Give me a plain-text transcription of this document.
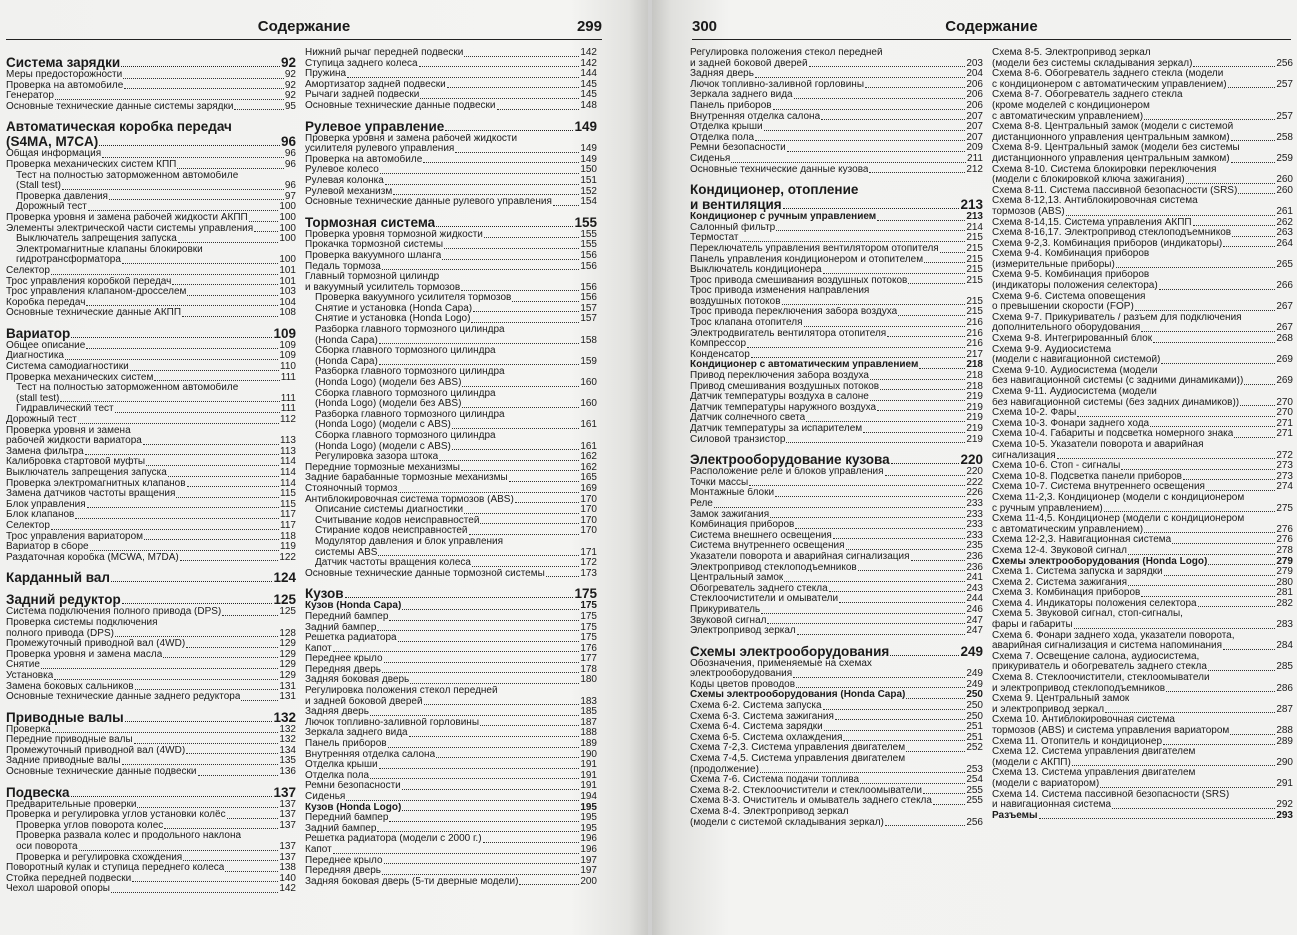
Содержание	299
Система зарядки	92
Меры предосторожности	92
Проверка на автомобиле	92
Генератор	92
Основные технические данные системы зарядки	95
Автоматическая коробка передач
(S4MA, M7CA)	96
Общая информация	96
Проверка механических систем КПП	96
Тест на полностью заторможенном автомобиле
(Stall test)	96
Проверка давления	97
Дорожный тест	100
Проверка уровня и замена рабочей жидкости АКПП	100
Элементы электрической части системы управления	100
Выключатель запрещения запуска	100
Электромагнитные клапаны блокировки
гидротрансформатора	100
Селектор	101
Трос управления коробкой передач	101
Трос управления клапаном-дросселем	103
Коробка передач	104
Основные технические данные АКПП	108
Вариатор	109
Общее описание	109
Диагностика	109
Система самодиагностики	110
Проверка механических систем	111
Тест на полностью заторможенном автомобиле
(stall test)	111
Гидравлический тест	111
Дорожный тест	112
Проверка уровня и замена
рабочей жидкости вариатора	113
Замена фильтра	113
Калибровка стартовой муфты	114
Выключатель запрещения запуска	114
Проверка электромагнитных клапанов	114
Замена датчиков частоты вращения	115
Блок управления	115
Блок клапанов	117
Селектор	117
Трос управления вариатором	118
Вариатор в сборе	119
Раздаточная коробка (MCWA, M7DA)	122
Карданный вал	124
Задний редуктор	125
Система подключения полного привода (DPS)	125
Проверка системы подключения
полного привода (DPS)	128
Промежуточный приводной вал (4WD)	129
Проверка уровня и замена масла	129
Снятие	129
Установка	129
Замена боковых сальников	131
Основные технические данные заднего редуктора	131
Приводные валы	132
Проверка	132
Передние приводные валы	132
Промежуточный приводной вал (4WD)	134
Задние приводные валы	135
Основные технические данные подвески	136
Подвеска	137
Предварительные проверки	137
Проверка и регулировка углов установки колёс	137
Проверка углов поворота колес	137
Проверка развала колес и продольного наклона
оси поворота	137
Проверка и регулировка схождения	137
Поворотный кулак и ступица переднего колеса	138
Стойка передней подвески	140
Чехол шаровой опоры	142
Нижний рычаг передней подвески	142
Ступица заднего колеса	142
Пружина	144
Амортизатор задней подвески	145
Рычаги задней подвески	145
Основные технические данные подвески	148
Рулевое управление	149
Проверка уровня и замена рабочей жидкости
усилителя рулевого управления	149
Проверка на автомобиле	149
Рулевое колесо	150
Рулевая колонка	151
Рулевой механизм	152
Основные технические данные рулевого управления	154
Тормозная система	155
Проверка уровня тормозной жидкости	155
Прокачка тормозной системы	155
Проверка вакуумного шланга	156
Педаль тормоза	156
Главный тормозной цилиндр
и вакуумный усилитель тормозов	156
Проверка вакуумного усилителя тормозов	156
Снятие и установка (Honda Capa)	157
Снятие и установка (Honda Logo)	157
Разборка главного тормозного цилиндра
(Honda Capa)	158
Сборка главного тормозного цилиндра
(Honda Capa)	159
Разборка главного тормозного цилиндра
(Honda Logo) (модели без ABS)	160
Сборка главного тормозного цилиндра
(Honda Logo) (модели без ABS)	160
Разборка главного тормозного цилиндра
(Honda Logo) (модели с ABS)	161
Сборка главного тормозного цилиндра
(Honda Logo) (модели с ABS)	161
Регулировка зазора штока	162
Передние тормозные механизмы	162
Задние барабанные тормозные механизмы	165
Стояночный тормоз	169
Антиблокировочная система тормозов (ABS)	170
Описание системы диагностики	170
Считывание кодов неисправностей	170
Стирание кодов неисправностей	170
Модулятор давления и блок управления
системы ABS	171
Датчик частоты вращения колеса	172
Основные технические данные тормозной системы	173
Кузов	175
Кузов (Honda Capa)	175
Передний бампер	175
Задний бампер	175
Решетка радиатора	175
Капот	176
Переднее крыло	177
Передняя дверь	178
Задняя боковая дверь	180
Регулировка положения стекол передней
и задней боковой дверей	183
Задняя дверь	185
Лючок топливно-заливной горловины	187
Зеркала заднего вида	188
Панель приборов	189
Внутренняя отделка салона	190
Отделка крыши	191
Отделка пола	191
Ремни безопасности	191
Сиденья	194
Кузов (Honda Logo)	195
Передний бампер	195
Задний бампер	195
Решетка радиатора (модели с 2000 г.)	196
Капот	196
Переднее крыло	197
Передняя дверь	197
Задняя боковая дверь (5-ти дверные модели)	200
300	Содержание
Регулировка положения стекол передней
и задней боковой дверей	203
Задняя дверь	204
Лючок топливно-заливной горловины	206
Зеркала заднего вида	206
Панель приборов	206
Внутренняя отделка салона	207
Отделка крыши	207
Отделка пола	207
Ремни безопасности	209
Сиденья	211
Основные технические данные кузова	212
Кондиционер, отопление
и вентиляция	213
Кондиционер с ручным управлением	213
Салонный фильтр	214
Термостат	215
Переключатель управления вентилятором отопителя	215
Панель управления кондиционером и отопителем	215
Выключатель кондиционера	215
Трос привода смешивания воздушных потоков	215
Трос привода изменения направления
воздушных потоков	215
Трос привода переключения забора воздуха	215
Трос клапана отопителя	216
Электродвигатель вентилятора отопителя	216
Компрессор	216
Конденсатор	217
Кондиционер с автоматическим управлением	218
Привод переключения забора воздуха	218
Привод смешивания воздушных потоков	218
Датчик температуры воздуха в салоне	219
Датчик температуры наружного воздуха	219
Датчик солнечного света	219
Датчик температуры за испарителем	219
Силовой транзистор	219
Электрооборудование кузова	220
Расположение реле и блоков управления	220
Точки массы	222
Монтажные блоки	226
Реле	233
Замок зажигания	233
Комбинация приборов	233
Система внешнего освещения	233
Система внутреннего освещения	235
Указатели поворота и аварийная сигнализация	236
Электропривод стеклоподъемников	236
Центральный замок	241
Обогреватель заднего стекла	243
Стеклоочистители и омыватели	244
Прикуриватель	246
Звуковой сигнал	247
Электропривод зеркал	247
Схемы электрооборудования	249
Обозначения, применяемые на схемах
электрооборудования	249
Коды цветов проводов	249
Схемы электрооборудования (Honda Capa)	250
Схема 6-2. Система запуска	250
Схема 6-3. Система зажигания	250
Схема 6-4. Система зарядки	251
Схема 6-5. Система охлаждения	251
Схема 7-2,3. Система управления двигателем	252
Схема 7-4,5. Система управления двигателем
(продолжение)	253
Схема 7-6. Система подачи топлива	254
Схема 8-2. Стеклоочистители и стеклоомыватели	255
Схема 8-3. Очиститель и омыватель заднего стекла	255
Схема 8-4. Электропривод зеркал
(модели с системой складывания зеркал)	256
Схема 8-5. Электропривод зеркал
(модели без системы складывания зеркал)	256
Схема 8-6. Обогреватель заднего стекла (модели
с кондиционером с автоматическим управлением)	257
Схема 8-7. Обогреватель заднего стекла
(кроме моделей с кондиционером
с автоматическим управлением)	257
Схема 8-8. Центральный замок (модели с системой
дистанционного управления центральным замком)	258
Схема 8-9. Центральный замок (модели без системы
дистанционного управления центральным замком)	259
Схема 8-10. Система блокировки переключения
(модели с блокировкой ключа зажигания)	260
Схема 8-11. Система пассивной безопасности (SRS)	260
Схема 8-12,13. Антиблокировочная система
тормозов (ABS)	261
Схема 8-14,15. Система управления АКПП	262
Схема 8-16,17. Электропривод стеклоподъемников	263
Схема 9-2,3. Комбинация приборов (индикаторы)	264
Схема 9-4. Комбинация приборов
(измерительные приборы)	265
Схема 9-5. Комбинация приборов
(индикаторы положения селектора)	266
Схема 9-6. Система оповещения
о превышении скорости (FOP)	267
Схема 9-7. Прикуриватель / разъем для подключения
дополнительного оборудования	267
Схема 9-8. Интегрированный блок	268
Схема 9-9. Аудиосистема
(модели с навигационной системой)	269
Схема 9-10. Аудиосистема (модели
без навигационной системы (с задними динамиками))	269
Схема 9-11. Аудиосистема (модели
без навигационной системы (без задних динамиков))	270
Схема 10-2. Фары	270
Схема 10-3. Фонари заднего хода	271
Схема 10-4. Габариты и подсветка номерного знака	271
Схема 10-5. Указатели поворота и аварийная
сигнализация	272
Схема 10-6. Стоп - сигналы	273
Схема 10-8. Подсветка панели приборов	273
Схема 10-7. Система внутреннего освещения	274
Схема 11-2,3. Кондиционер (модели с кондиционером
с ручным управлением)	275
Схема 11-4,5. Кондиционер (модели с кондиционером
с автоматическим управлением)	276
Схема 12-2,3. Навигационная система	276
Схема 12-4. Звуковой сигнал	278
Схемы электрооборудования (Honda Logo)	279
Схема 1. Система запуска и зарядки	279
Схема 2. Система зажигания	280
Схема 3. Комбинация приборов	281
Схема 4. Индикаторы положения селектора	282
Схема 5. Звуковой сигнал, стоп-сигналы,
фары и габариты	283
Схема 6. Фонари заднего хода, указатели поворота,
аварийная сигнализация и система напоминания	284
Схема 7. Освещение салона, аудиосистема,
прикуриватель и обогреватель заднего стекла	285
Схема 8. Стеклоочистители, стеклоомыватели
и электропривод стеклоподъемников	286
Схема 9. Центральный замок
и электропривод зеркал	287
Схема 10. Антиблокировочная система
тормозов (ABS) и система управления вариатором	288
Схема 11. Отопитель и кондиционер	289
Схема 12. Система управления двигателем
(модели с АКПП)	290
Схема 13. Система управления двигателем
(модели с вариатором)	291
Схема 14. Система пассивной безопасности (SRS)
и навигационная система	292
Разъемы	293
